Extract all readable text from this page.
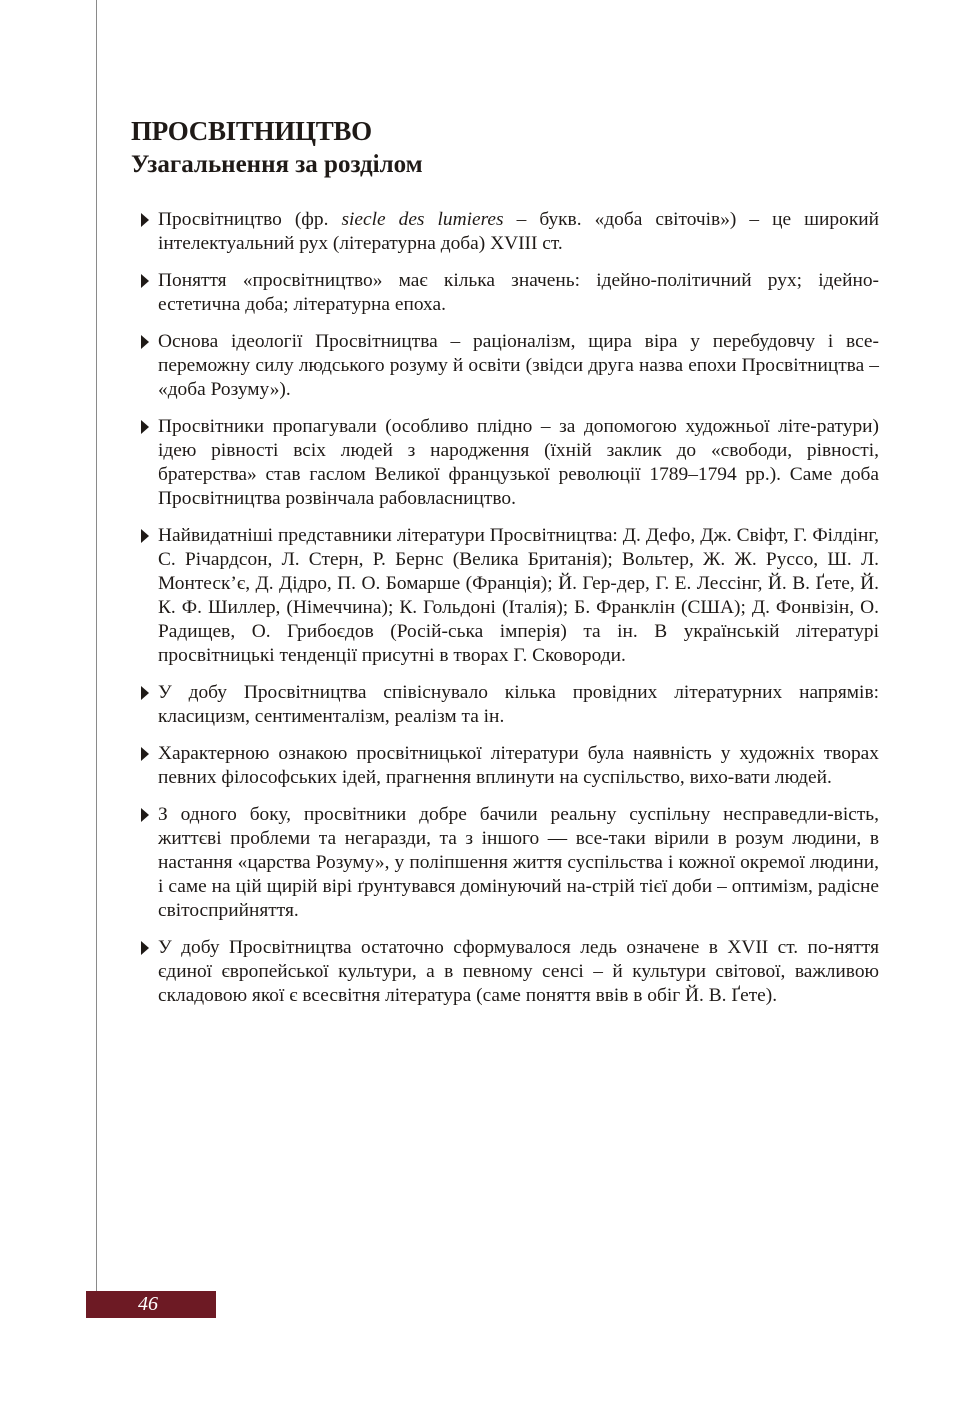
ПРОСВІТНИЦТВО
Узагальнення за розділом
Просвітництво (фр. siecle des lumieres – букв. «доба світочів») – це широкий інтелектуальний рух (літературна доба) XVIII ст.
Поняття «просвітництво» має кілька значень: ідейно-політичний рух; ідейно-естетична доба; літературна епоха.
Основа ідеології Просвітництва – раціоналізм, щира віра у перебудовчу і все-переможну силу людського розуму й освіти (звідси друга назва епохи Просвітництва – «доба Розуму»).
Просвітники пропагували (особливо плідно – за допомогою художньої літе-ратури) ідею рівності всіх людей з народження (їхній заклик до «свободи, рівності, братерства» став гаслом Великої французької революції 1789–1794 рр.). Саме доба Просвітництва розвінчала рабовласництво.
Найвидатніші представники літератури Просвітництва: Д. Дефо, Дж. Свіфт, Г. Філдінг, С. Річардсон, Л. Стерн, Р. Бернс (Велика Британія); Вольтер, Ж. Ж. Руссо, Ш. Л. Монтеск’є, Д. Дідро, П. О. Бомарше (Франція); Й. Гер-дер, Г. Е. Лессінг, Й. В. Ґете, Й. К. Ф. Шиллер, (Німеччина); К. Гольдоні (Італія); Б. Франклін (США); Д. Фонвізін, О. Радищев, О. Грибоєдов (Росій-ська імперія) та ін. В українській літературі просвітницькі тенденції присутні в творах Г. Сковороди.
У добу Просвітництва співіснувало кілька провідних літературних напрямів: класицизм, сентименталізм, реалізм та ін.
Характерною ознакою просвітницької літератури була наявність у художніх творах певних філософських ідей, прагнення вплинути на суспільство, вихо-вати людей.
З одного боку, просвітники добре бачили реальну суспільну несправедли-вість, життєві проблеми та негаразди, та з іншого — все-таки вірили в розум людини, в настання «царства Розуму», у поліпшення життя суспільства і кожної окремої людини, і саме на цій щирій вірі ґрунтувався домінуючий на-стрій тієї доби – оптимізм, радісне світосприйняття.
У добу Просвітництва остаточно сформувалося ледь означене в XVII ст. по-няття єдиної європейської культури, а в певному сенсі – й культури світової, важливою складовою якої є всесвітня література (саме поняття ввів в обіг Й. В. Ґете).
46
